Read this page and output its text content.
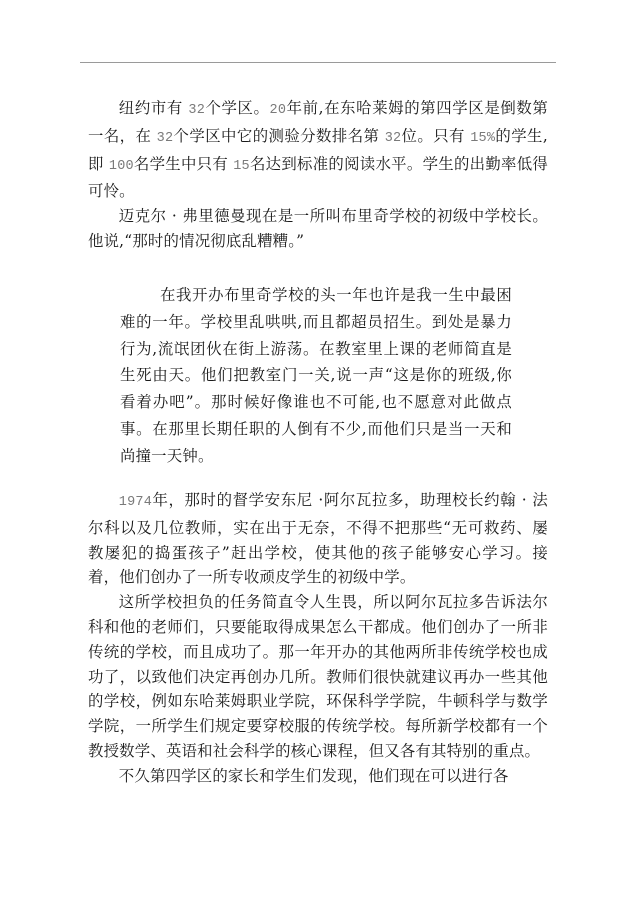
纽约市有 32个学区。20年前,在东哈莱姆的第四学区是倒数第一名，在 32个学区中它的测验分数排名第 32位。只有 15%的学生,即 100名学生中只有 15名达到标准的阅读水平。学生的出勤率低得可怜。

迈克尔 · 弗里德曼现在是一所叫布里奇学校的初级中学校长。他说,“那时的情况彻底乱糟糟。”

在我开办布里奇学校的头一年也许是我一生中最困难的一年。学校里乱哄哄,而且都超员招生。到处是暴力行为,流氓团伙在街上游荡。在教室里上课的老师简直是生死由天。他们把教室门一关,说一声“这是你的班级,你看着办吧”。那时候好像谁也不可能,也不愿意对此做点事。在那里长期任职的人倒有不少,而他们只是当一天和尚撞一天钟。

1974年，那时的督学安东尼 ·阿尔瓦拉多，助理校长约翰 · 法尔科以及几位教师，实在出于无奈，不得不把那些“无可救药、屡教屡犯的捣蛋孩子”赶出学校，使其他的孩子能够安心学习。接着，他们创办了一所专收顽皮学生的初级中学。

这所学校担负的任务简直令人生畏，所以阿尔瓦拉多告诉法尔科和他的老师们，只要能取得成果怎么干都成。他们创办了一所非传统的学校，而且成功了。那一年开办的其他两所非传统学校也成功了，以致他们决定再创办几所。教师们很快就建议再办一些其他的学校，例如东哈莱姆职业学院，环保科学学院，牛顿科学与数学学院，一所学生们规定要穿校服的传统学校。每所新学校都有一个教授数学、英语和社会科学的核心课程，但又各有其特别的重点。

不久第四学区的家长和学生们发现，他们现在可以进行各
